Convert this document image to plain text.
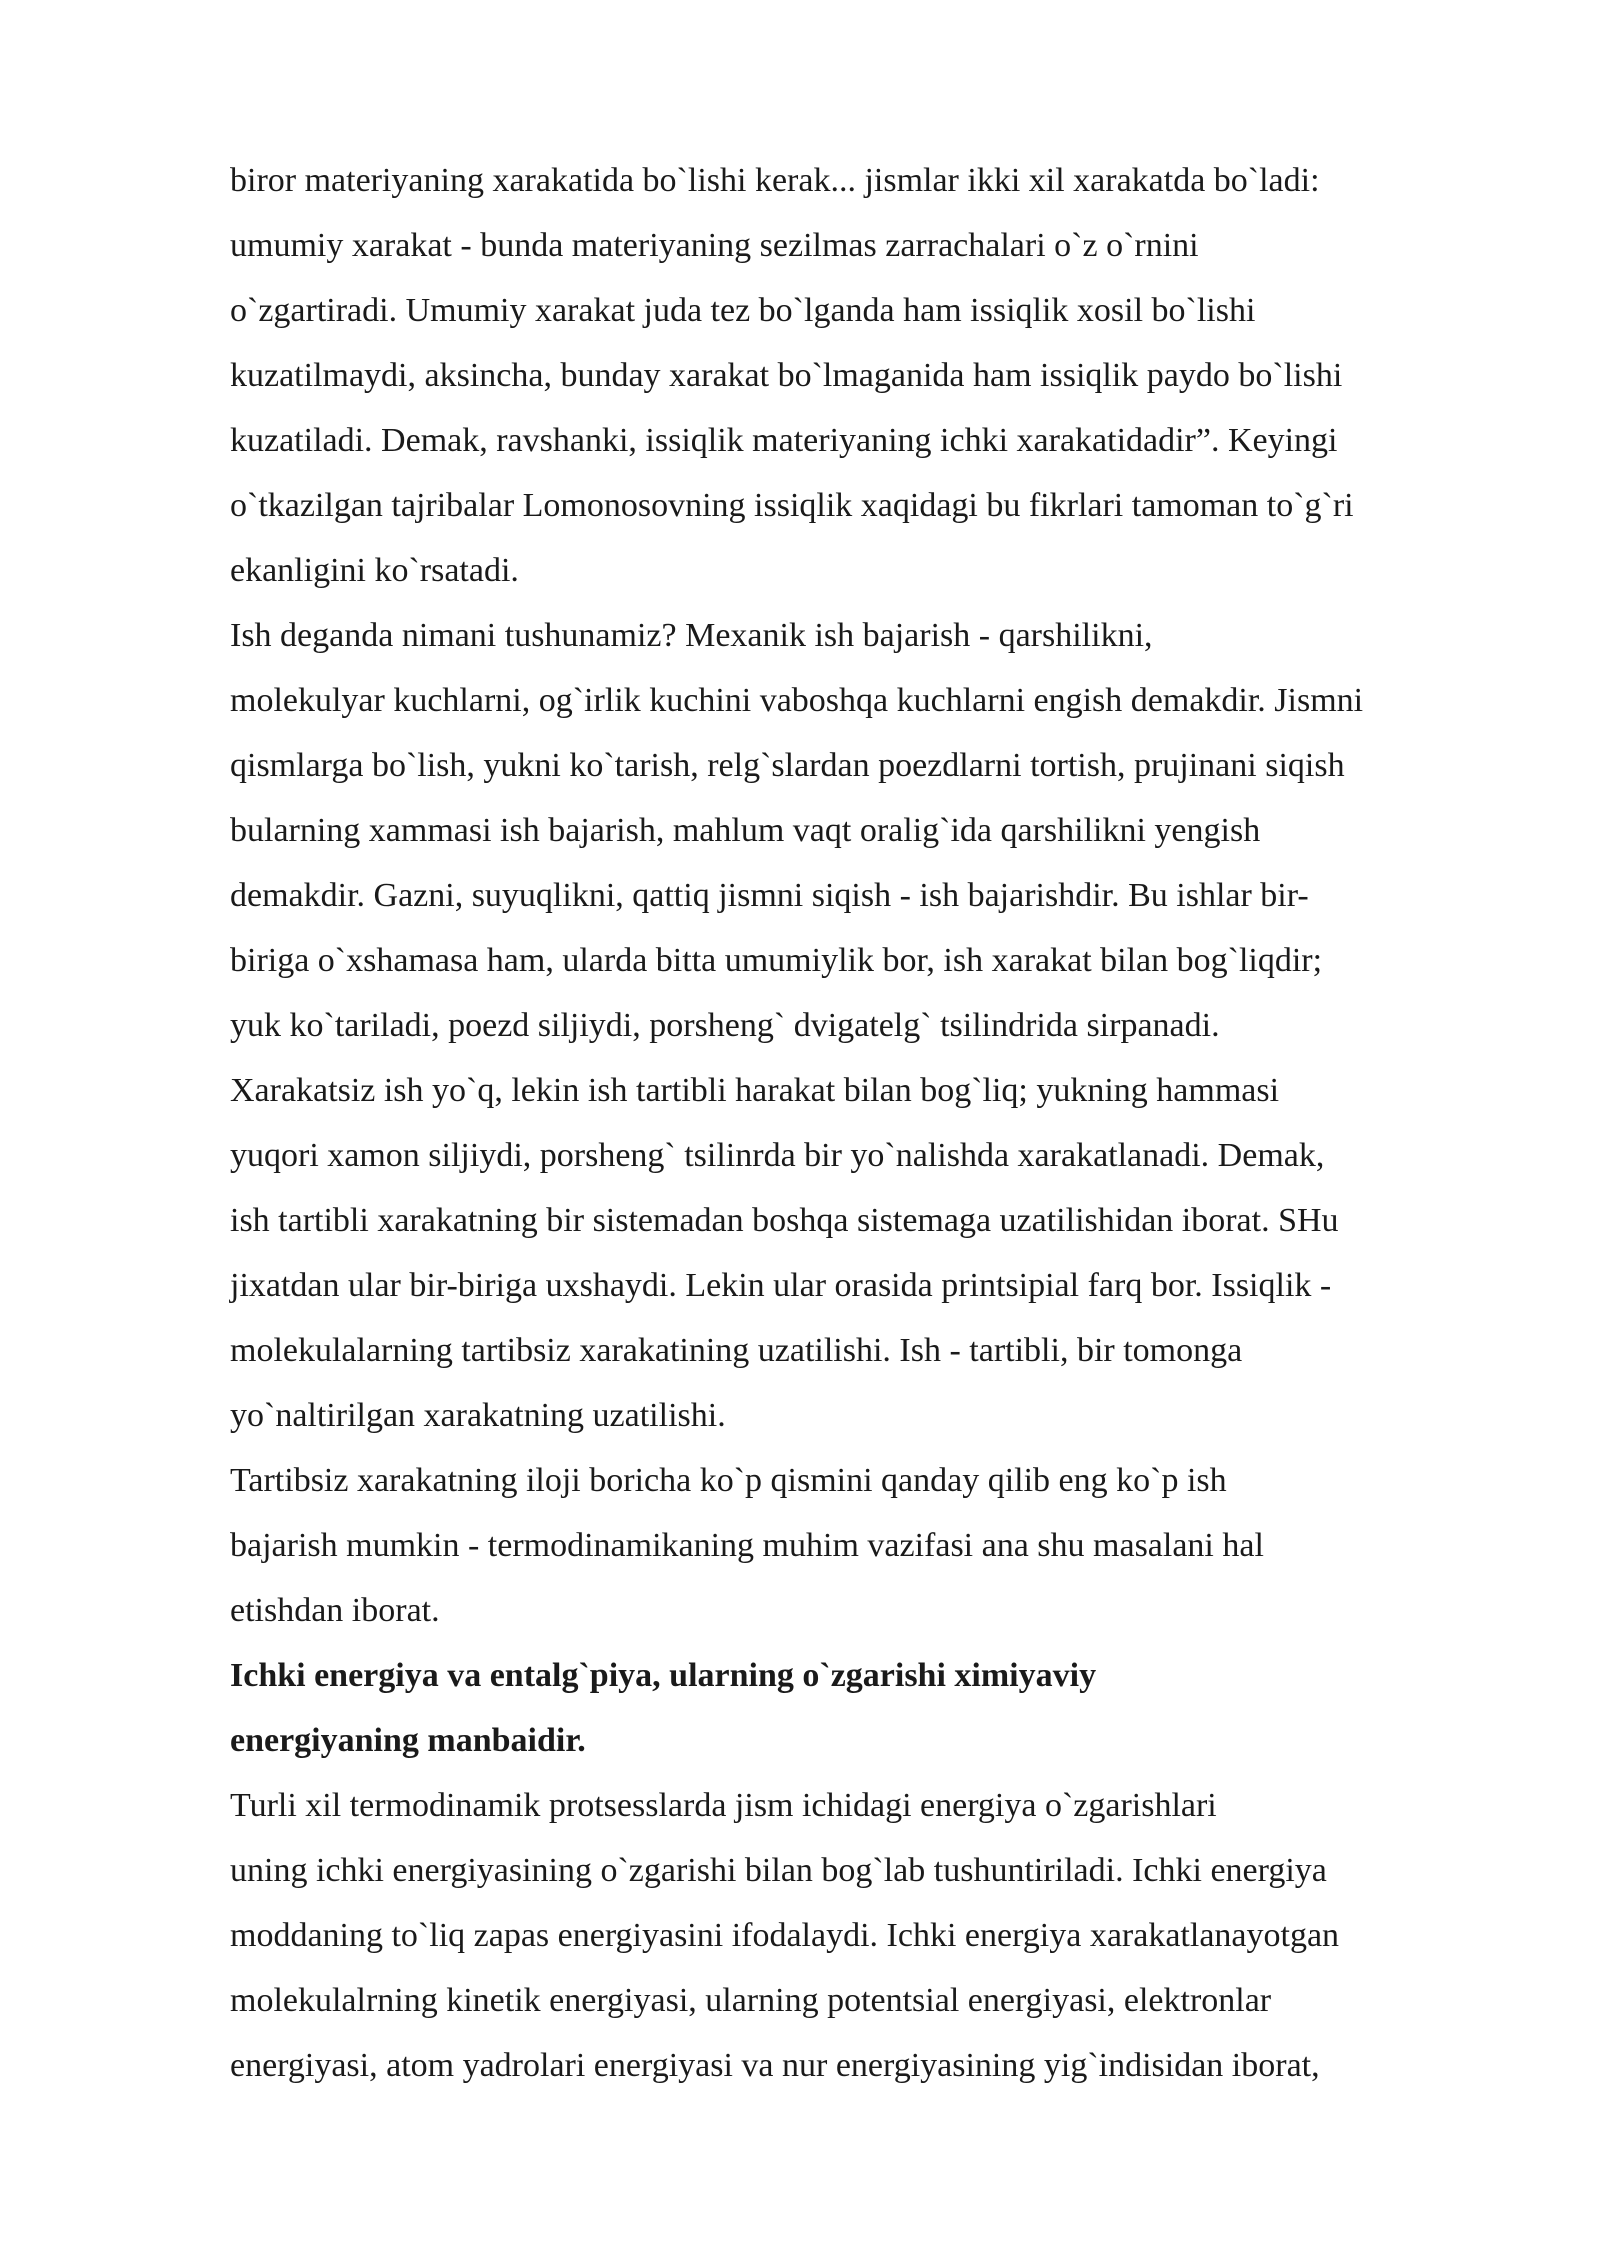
biror materiyaning xarakatida bo`lishi kerak... jismlar ikki xil xarakatda bo`ladi:
umumiy xarakat - bunda materiyaning sezilmas zarrachalari o`z o`rnini
o`zgartiradi. Umumiy xarakat juda tez bo`lganda ham issiqlik xosil bo`lishi
kuzatilmaydi, aksincha, bunday xarakat bo`lmaganida ham issiqlik paydo bo`lishi
kuzatiladi. Demak, ravshanki, issiqlik materiyaning ichki xarakatidadir”. Keyingi
o`tkazilgan tajribalar Lomonosovning issiqlik xaqidagi bu fikrlari tamoman to`g`ri
ekanligini ko`rsatadi.
Ish deganda nimani tushunamiz? Mexanik ish bajarish - qarshilikni,
molekulyar kuchlarni, og`irlik kuchini vaboshqa kuchlarni engish demakdir. Jismni
qismlarga bo`lish, yukni ko`tarish, relg`slardan poezdlarni tortish, prujinani siqish
bularning xammasi ish bajarish, mahlum vaqt oralig`ida qarshilikni yengish
demakdir. Gazni, suyuqlikni, qattiq jismni siqish - ish bajarishdir. Bu ishlar bir-
biriga o`xshamasa ham, ularda bitta umumiylik bor, ish xarakat bilan bog`liqdir;
yuk ko`tariladi, poezd siljiydi, porsheng` dvigatelg` tsilindrida sirpanadi.
Xarakatsiz ish yo`q, lekin ish tartibli harakat bilan bog`liq; yukning hammasi
yuqori xamon siljiydi, porsheng` tsilinrda bir yo`nalishda xarakatlanadi. Demak,
ish tartibli xarakatning bir sistemadan boshqa sistemaga uzatilishidan iborat. SHu
jixatdan ular bir-biriga uxshaydi. Lekin ular orasida printsipial farq bor. Issiqlik -
molekulalarning tartibsiz xarakatining uzatilishi. Ish - tartibli, bir tomonga
yo`naltirilgan xarakatning uzatilishi.
Tartibsiz xarakatning iloji boricha ko`p qismini qanday qilib eng ko`p ish
bajarish mumkin - termodinamikaning muhim vazifasi ana shu masalani hal
etishdan iborat.
Ichki energiya va entalg`piya, ularning o`zgarishi ximiyaviy
energiyaning manbaidir.
Turli xil termodinamik protsesslarda jism ichidagi energiya o`zgarishlari
uning ichki energiyasining o`zgarishi bilan bog`lab tushuntiriladi. Ichki energiya
moddaning to`liq zapas energiyasini ifodalaydi. Ichki energiya xarakatlanayotgan
molekulalrning kinetik energiyasi, ularning potentsial energiyasi, elektronlar
energiyasi, atom yadrolari energiyasi va nur energiyasining yig`indisidan iborat,
